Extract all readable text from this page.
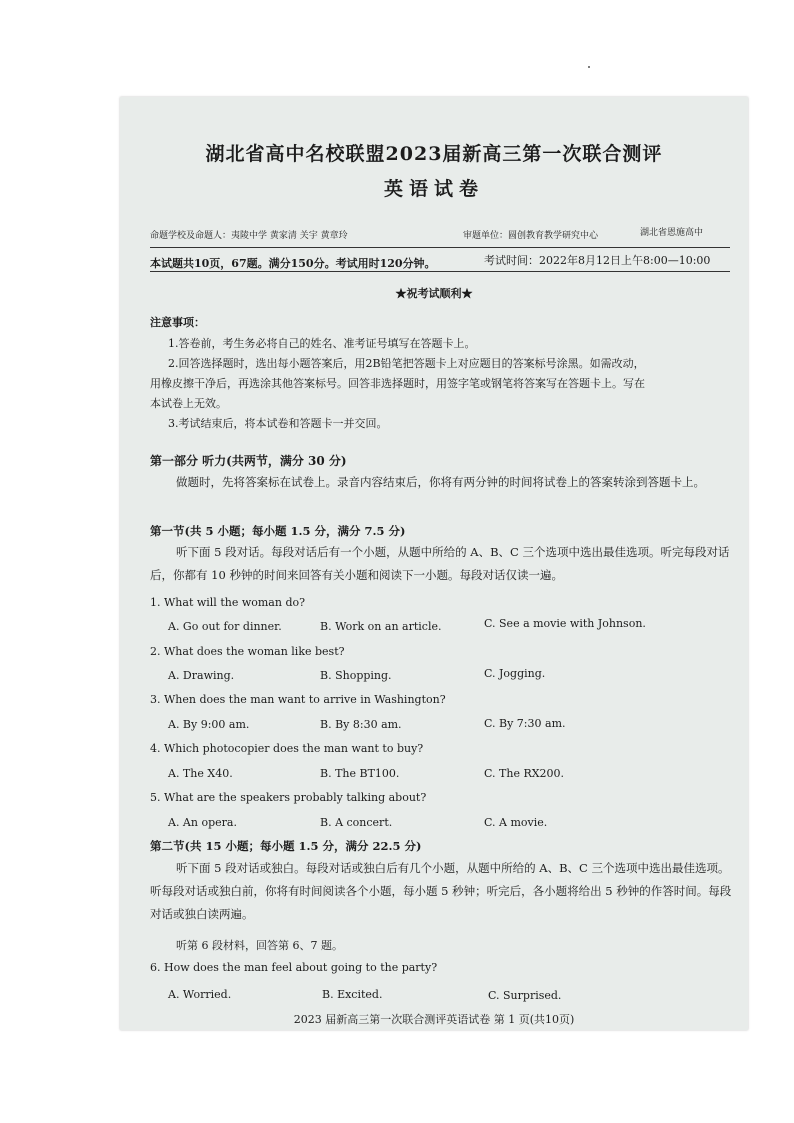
湖北省高中名校联盟2023届新高三第一次联合测评
英语试卷
命题学校及命题人：夷陵中学 黄家清 关宇 黄章玲	审题单位：圆创教育教学研究中心	湖北省恩施高中
本试题共10页，67题。满分150分。考试用时120分钟。	考试时间：2022年8月12日上午8:00—10:00
★祝考试顺利★
注意事项：
1.答卷前，考生务必将自己的姓名、准考证号填写在答题卡上。
2.回答选择题时，选出每小题答案后，用2B铅笔把答题卡上对应题目的答案标号涂黑。如需改动，
用橡皮擦干净后，再选涂其他答案标号。回答非选择题时，用签字笔或钢笔将答案写在答题卡上。写在
本试卷上无效。
3.考试结束后，将本试卷和答题卡一并交回。
第一部分 听力(共两节，满分 30 分)
做题时，先将答案标在试卷上。录音内容结束后，你将有两分钟的时间将试卷上的答案转涂到答题卡上。
第一节(共 5 小题；每小题 1.5 分，满分 7.5 分)
听下面 5 段对话。每段对话后有一个小题，从题中所给的 A、B、C 三个选项中选出最佳选项。听完每段对话后，你都有 10 秒钟的时间来回答有关小题和阅读下一小题。每段对话仅读一遍。
1. What will the woman do?
A. Go out for dinner.	B. Work on an article.	C. See a movie with Johnson.
2. What does the woman like best?
A. Drawing.	B. Shopping.	C. Jogging.
3. When does the man want to arrive in Washington?
A. By 9:00 am.	B. By 8:30 am.	C. By 7:30 am.
4. Which photocopier does the man want to buy?
A. The X40.	B. The BT100.	C. The RX200.
5. What are the speakers probably talking about?
A. An opera.	B. A concert.	C. A movie.
第二节(共 15 小题；每小题 1.5 分，满分 22.5 分)
听下面 5 段对话或独白。每段对话或独白后有几个小题，从题中所给的 A、B、C 三个选项中选出最佳选项。听每段对话或独白前，你将有时间阅读各个小题，每小题 5 秒钟；听完后，各小题将给出 5 秒钟的作答时间。每段对话或独白读两遍。
听第 6 段材料，回答第 6、7 题。
6. How does the man feel about going to the party?
A. Worried.	B. Excited.	C. Surprised.
2023 届新高三第一次联合测评英语试卷 第 1 页(共10页)
